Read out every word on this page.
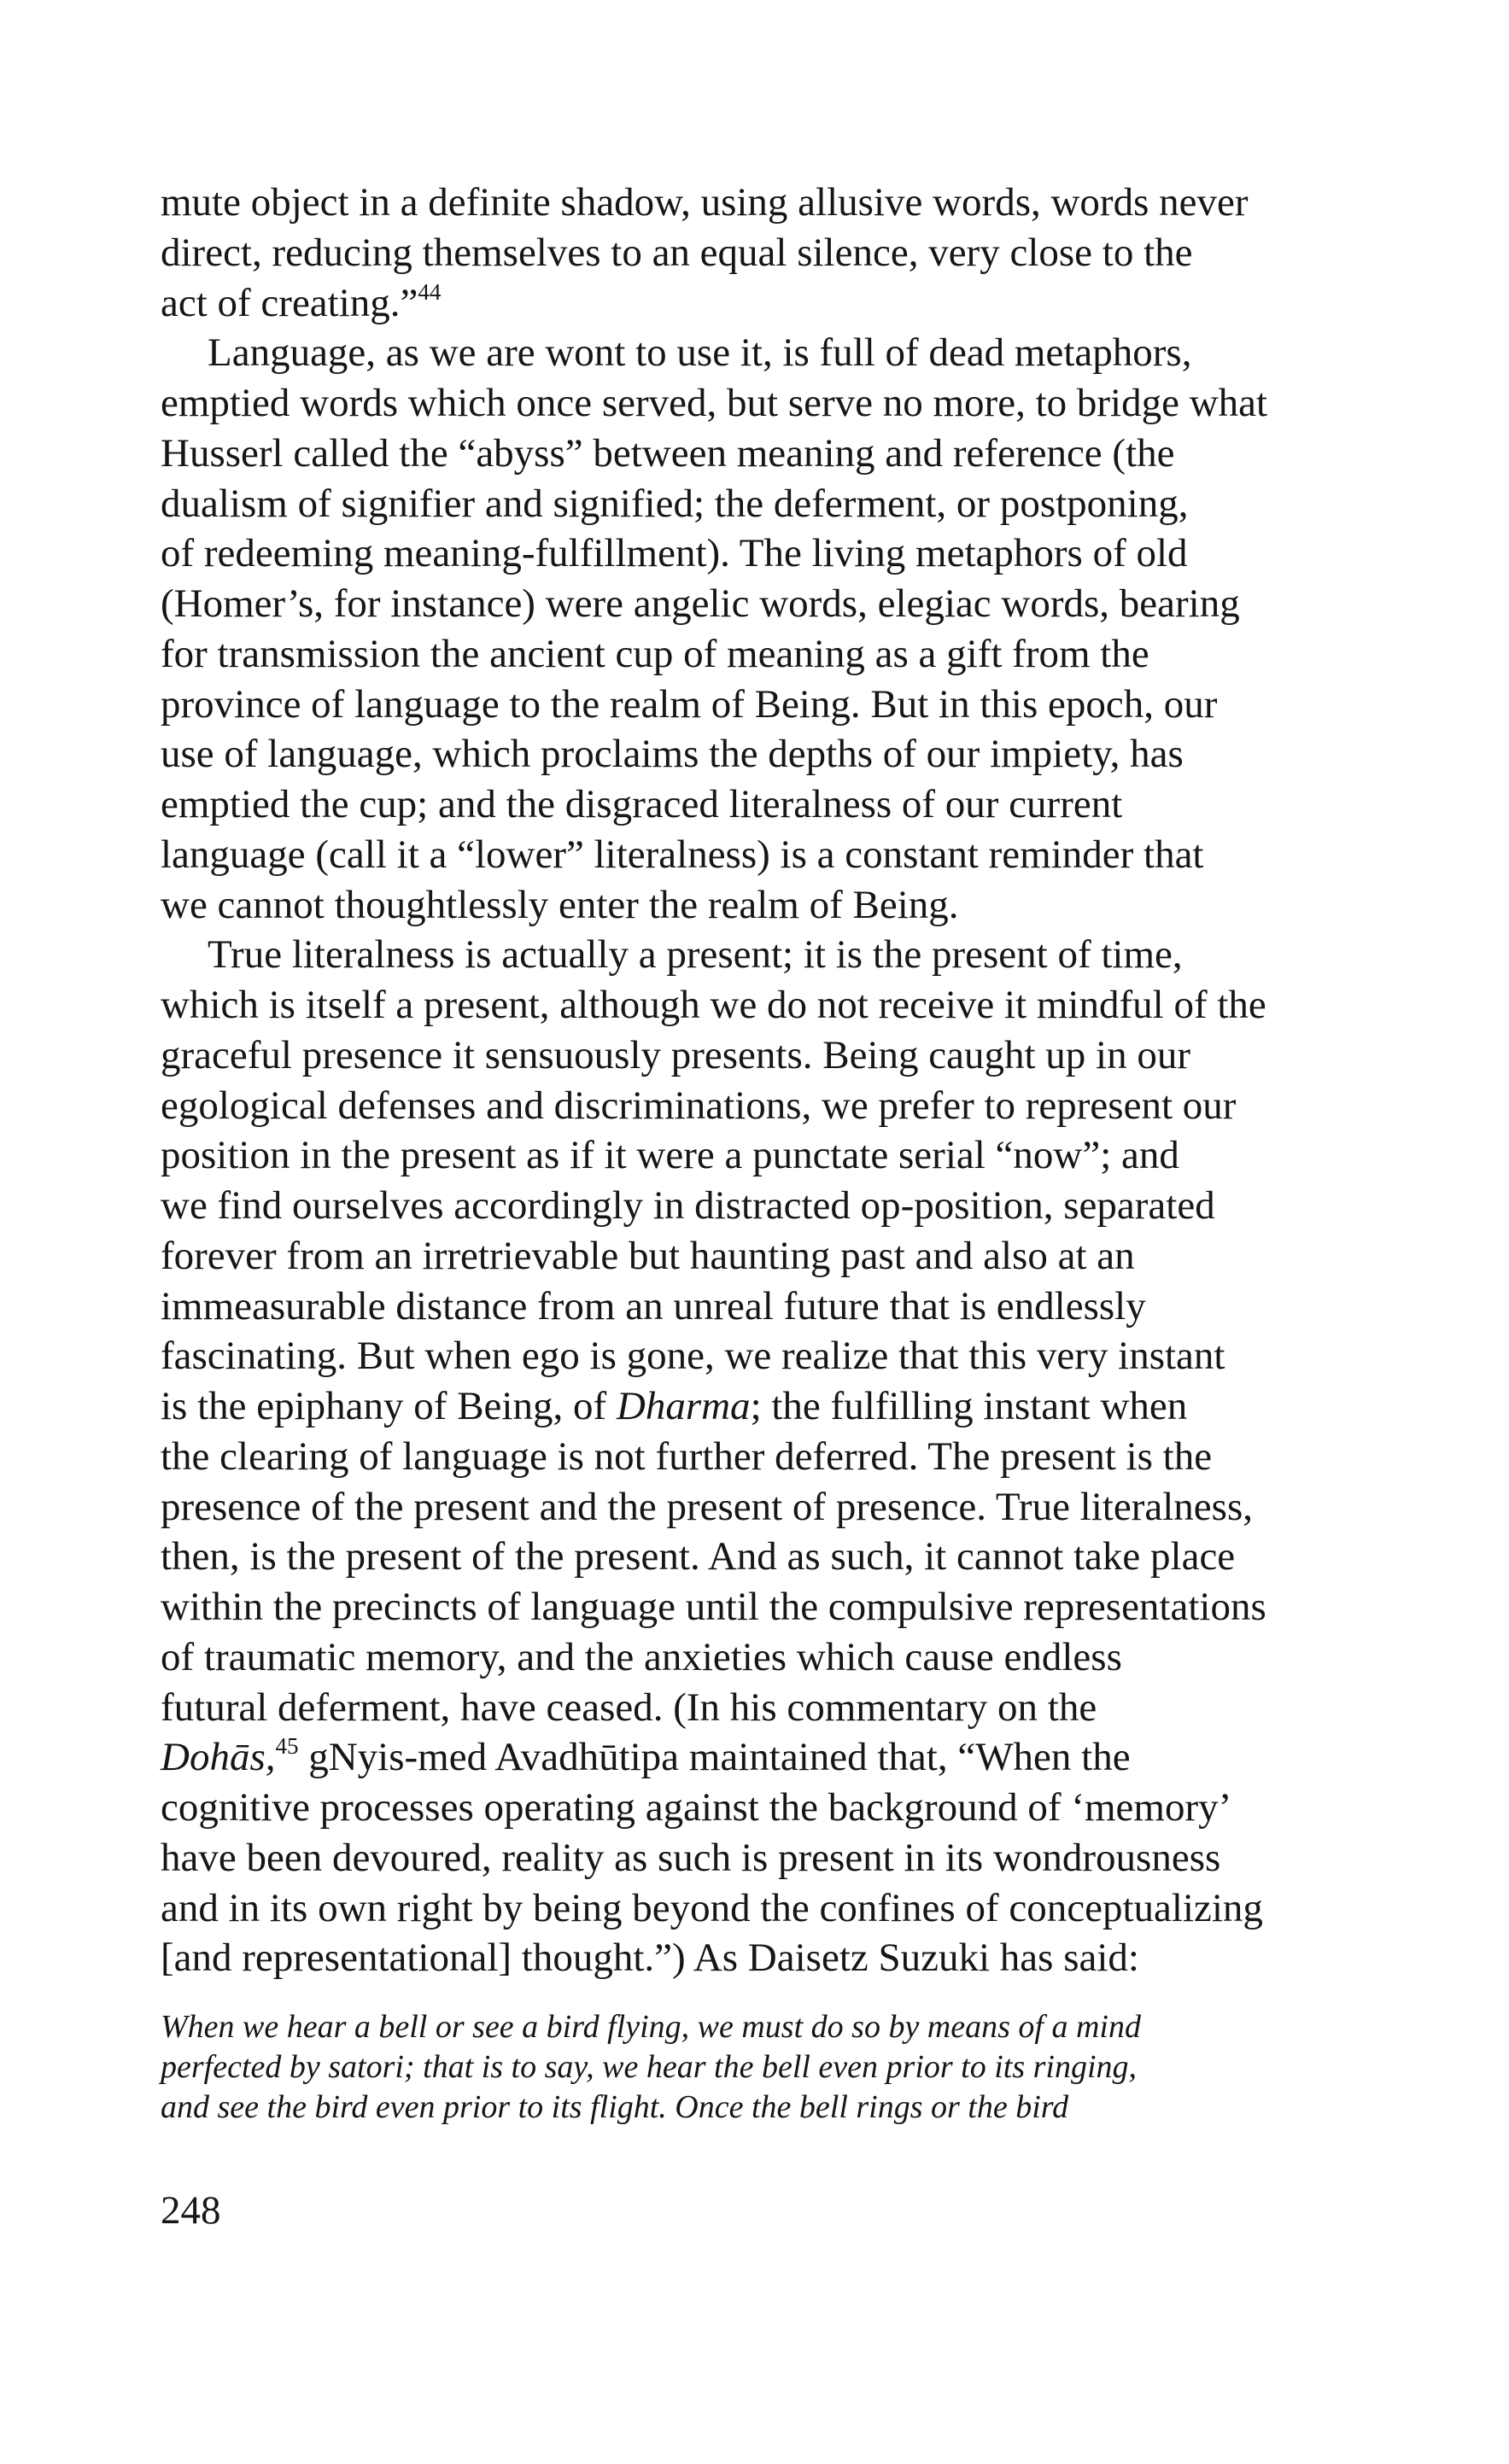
mute object in a definite shadow, using allusive words, words never
direct, reducing themselves to an equal silence, very close to the
act of creating.”$^{44}$
Language, as we are wont to use it, is full of dead metaphors,
emptied words which once served, but serve no more, to bridge what
Husserl called the “abyss” between meaning and reference (the
dualism of signifier and signified; the deferment, or postponing,
of redeeming meaning-fulfillment). The living metaphors of old
(Homer’s, for instance) were angelic words, elegiac words, bearing
for transmission the ancient cup of meaning as a gift from the
province of language to the realm of Being. But in this epoch, our
use of language, which proclaims the depths of our impiety, has
emptied the cup; and the disgraced literalness of our current
language (call it a “lower” literalness) is a constant reminder that
we cannot thoughtlessly enter the realm of Being.
True literalness is actually a present; it is the present of time,
which is itself a present, although we do not receive it mindful of the
graceful presence it sensuously presents. Being caught up in our
egological defenses and discriminations, we prefer to represent our
position in the present as if it were a punctate serial “now”; and
we find ourselves accordingly in distracted op-position, separated
forever from an irretrievable but haunting past and also at an
immeasurable distance from an unreal future that is endlessly
fascinating. But when ego is gone, we realize that this very instant
is the epiphany of Being, of Dharma; the fulfilling instant when
the clearing of language is not further deferred. The present is the
presence of the present and the present of presence. True literalness,
then, is the present of the present. And as such, it cannot take place
within the precincts of language until the compulsive representations
of traumatic memory, and the anxieties which cause endless
futural deferment, have ceased. (In his commentary on the
Dohās,$^{45}$ gNyis-med Avadhūtipa maintained that, “When the
cognitive processes operating against the background of ‘memory’
have been devoured, reality as such is present in its wondrousness
and in its own right by being beyond the confines of conceptualizing
[and representational] thought.”) As Daisetz Suzuki has said:
When we hear a bell or see a bird flying, we must do so by means of a mind
perfected by satori; that is to say, we hear the bell even prior to its ringing,
and see the bird even prior to its flight. Once the bell rings or the bird
248
